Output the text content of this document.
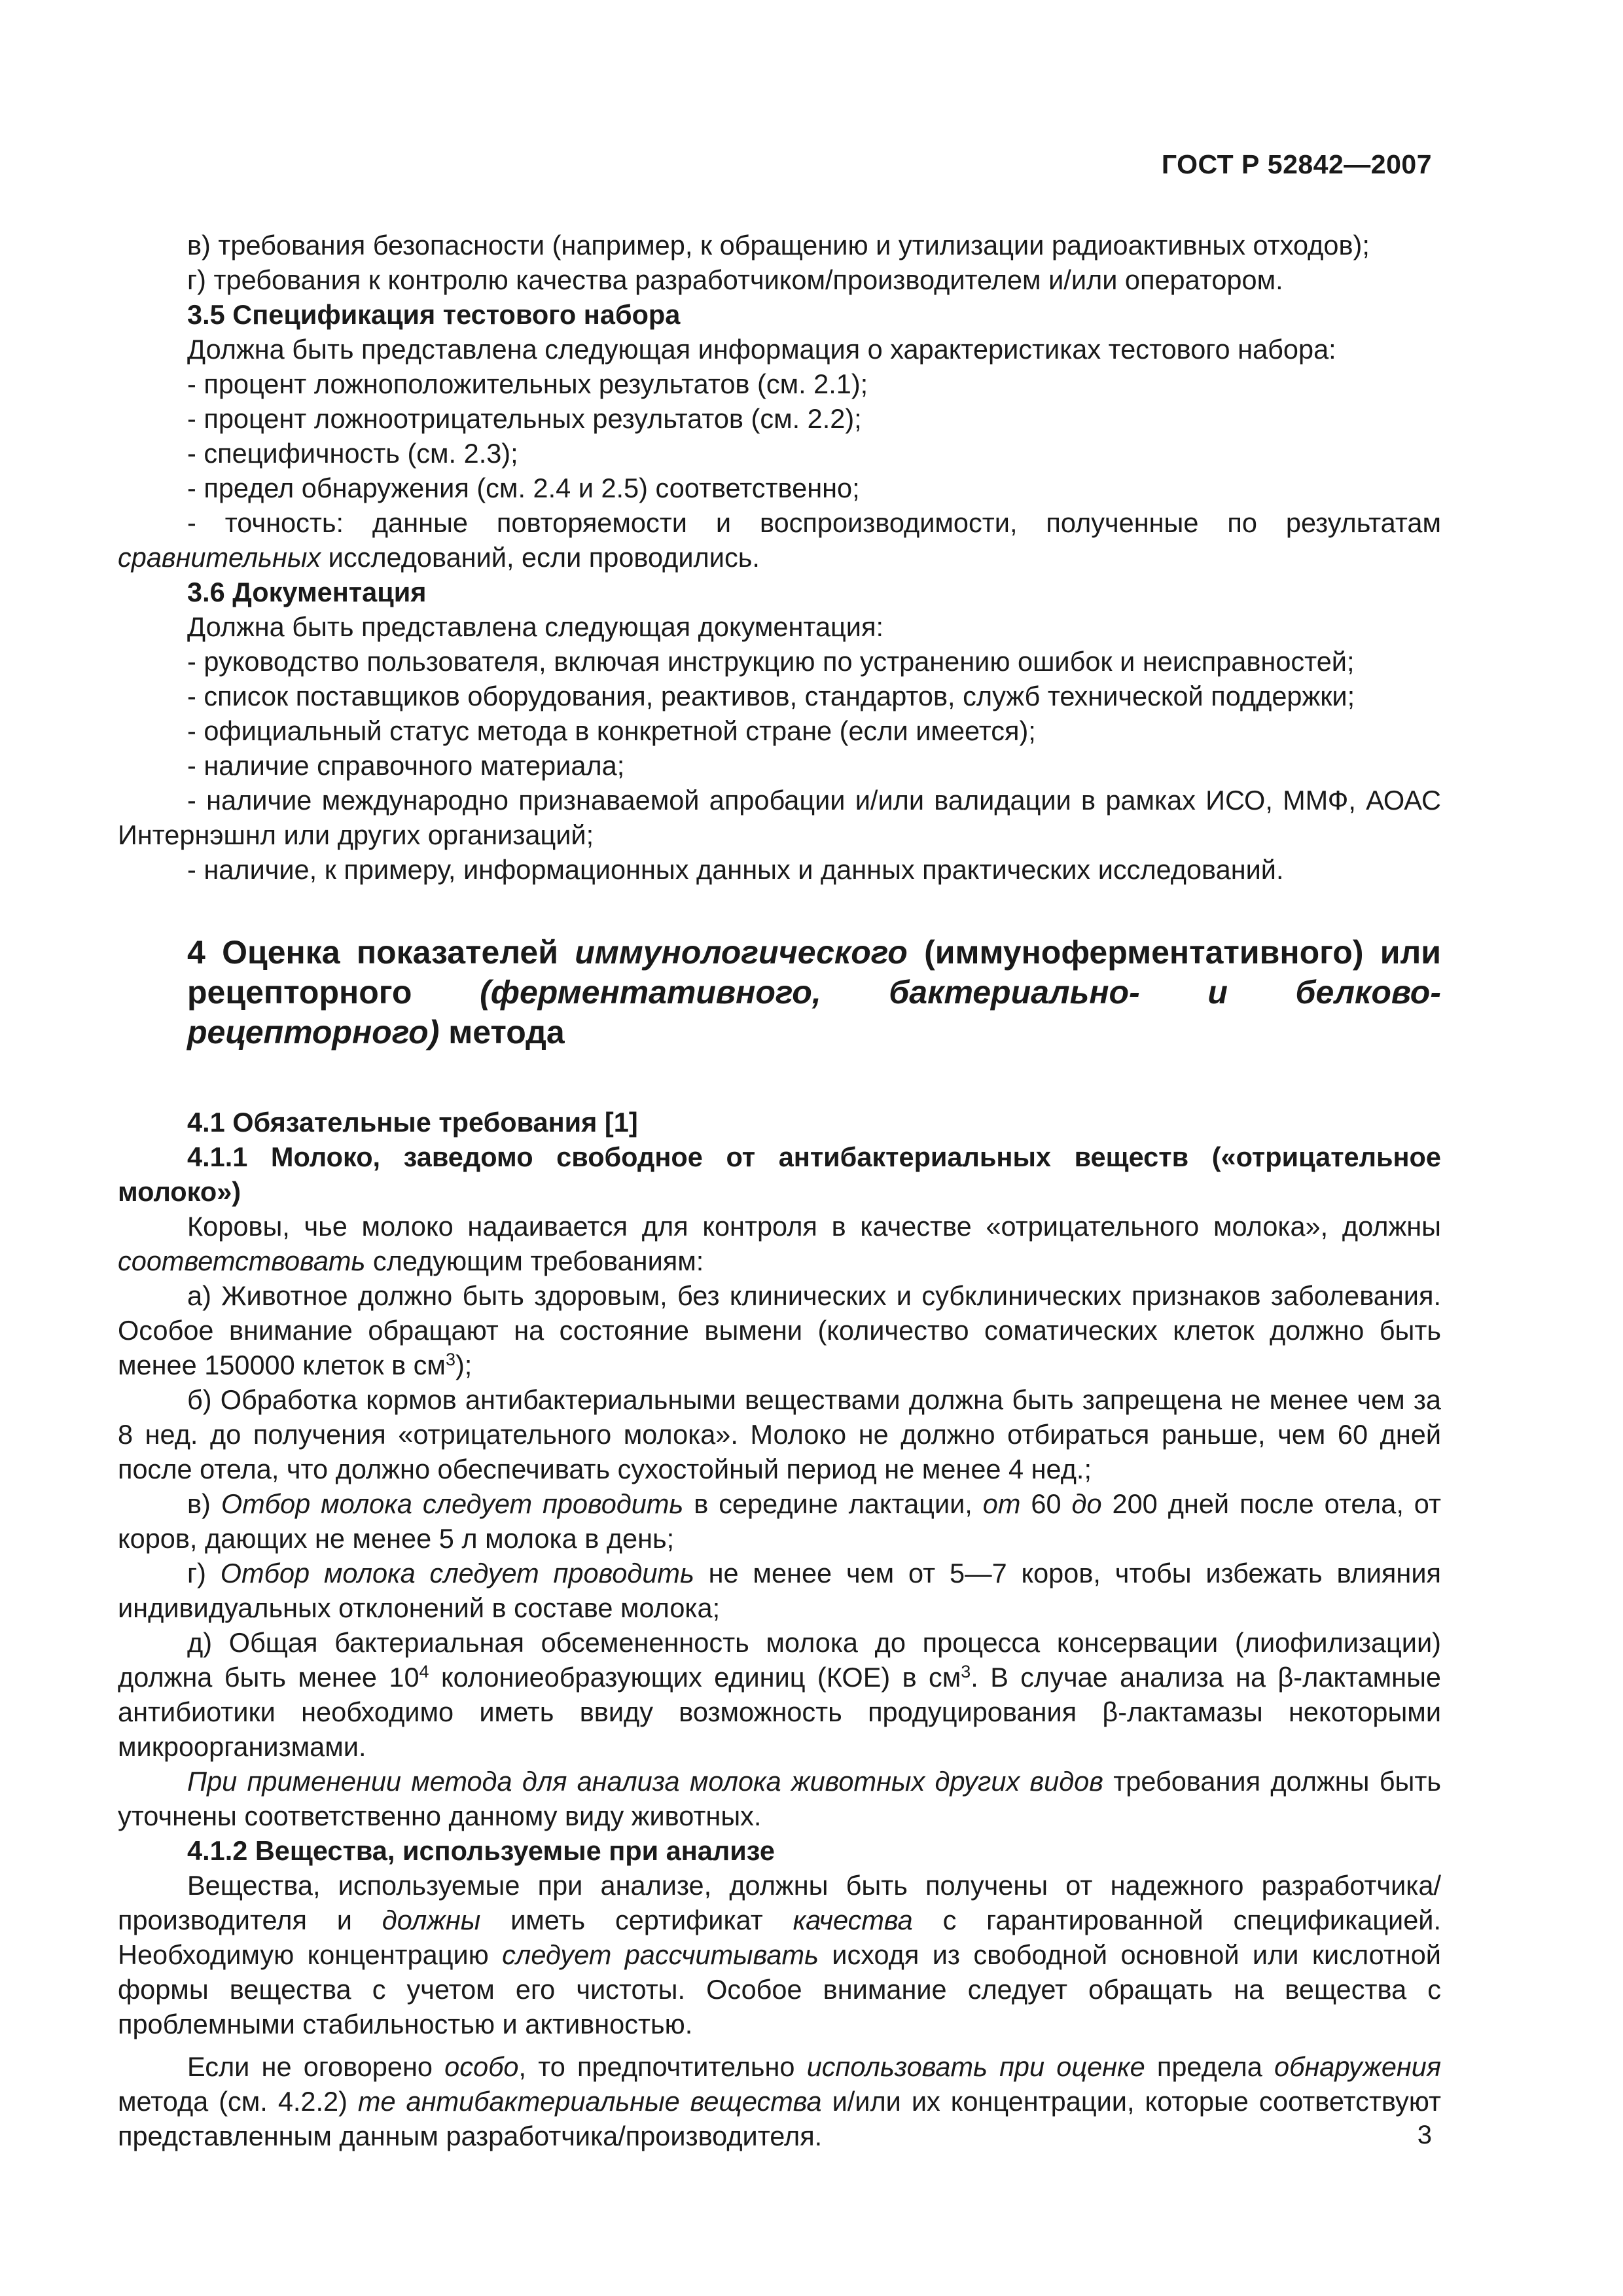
ГОСТ Р 52842—2007

в) требования безопасности (например, к обращению и утилизации радиоактивных отходов);

г) требования к контролю качества разработчиком/производителем и/или оператором.

3.5 Спецификация тестового набора

Должна быть представлена следующая информация о характеристиках тестового набора:

- процент ложноположительных результатов (см. 2.1);

- процент ложноотрицательных результатов (см. 2.2);

- специфичность (см. 2.3);

- предел обнаружения (см. 2.4 и 2.5) соответственно;

- точность: данные повторяемости и воспроизводимости, полученные по результатам сравнительных исследований, если проводились.

3.6 Документация

Должна быть представлена следующая документация:

- руководство пользователя, включая инструкцию по устранению ошибок и неисправностей;

- список поставщиков оборудования, реактивов, стандартов, служб технической поддержки;

- официальный статус метода в конкретной стране (если имеется);

- наличие справочного материала;

- наличие международно признаваемой апробации и/или валидации в рамках ИСО, ММФ, АОАС Интернэшнл или других организаций;

- наличие, к примеру, информационных данных и данных практических исследований.

4 Оценка показателей иммунологического (иммуноферментативного) или рецепторного (ферментативного, бактериально- и белково-рецепторного) метода

4.1 Обязательные требования [1]

4.1.1 Молоко, заведомо свободное от антибактериальных веществ («отрицательное молоко»)

Коровы, чье молоко надаивается для контроля в качестве «отрицательного молока», должны соответствовать следующим требованиям:

а) Животное должно быть здоровым, без клинических и субклинических признаков заболевания. Особое внимание обращают на состояние вымени (количество соматических клеток должно быть менее 150000 клеток в $см^3$);

б) Обработка кормов антибактериальными веществами должна быть запрещена не менее чем за 8 нед. до получения «отрицательного молока». Молоко не должно отбираться раньше, чем 60 дней после отела, что должно обеспечивать сухостойный период не менее 4 нед.;

в) Отбор молока следует проводить в середине лактации, от 60 до 200 дней после отела, от коров, дающих не менее 5 л молока в день;

г) Отбор молока следует проводить не менее чем от 5—7 коров, чтобы избежать влияния индивидуальных отклонений в составе молока;

д) Общая бактериальная обсемененность молока до процесса консервации (лиофилизации) должна быть менее $10^4$ колониеобразующих единиц (КОЕ) в $см^3$. В случае анализа на β-лактамные антибиотики необходимо иметь ввиду возможность продуцирования β-лактамазы некоторыми микроорганизмами.

При применении метода для анализа молока животных других видов требования должны быть уточнены соответственно данному виду животных.

4.1.2 Вещества, используемые при анализе

Вещества, используемые при анализе, должны быть получены от надежного разработчика/производителя и должны иметь сертификат качества с гарантированной спецификацией. Необходимую концентрацию следует рассчитывать исходя из свободной основной или кислотной формы вещества с учетом его чистоты. Особое внимание следует обращать на вещества с проблемными стабильностью и активностью.

Если не оговорено особо, то предпочтительно использовать при оценке предела обнаружения метода (см. 4.2.2) те антибактериальные вещества и/или их концентрации, которые соответствуют представленным данным разработчика/производителя.	3
